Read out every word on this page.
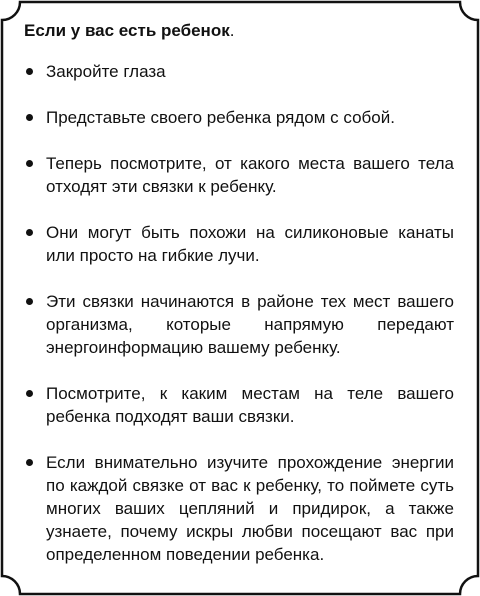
Если у вас есть ребенок.

Закройте глаза
Представьте своего ребенка рядом с собой.
Теперь посмотрите, от какого места вашего тела отходят эти связки к ребенку.
Они могут быть похожи на силиконовые канаты или просто на гибкие лучи.
Эти связки начинаются в районе тех мест вашего организма, которые напрямую передают энергоинформацию вашему ребенку.
Посмотрите, к каким местам на теле вашего ребенка подходят ваши связки.
Если внимательно изучите прохождение энергии по каждой связке от вас к ребенку, то поймете суть многих ваших цепляний и придирок, а также узнаете, почему искры любви посещают вас при определенном поведении ребенка.
